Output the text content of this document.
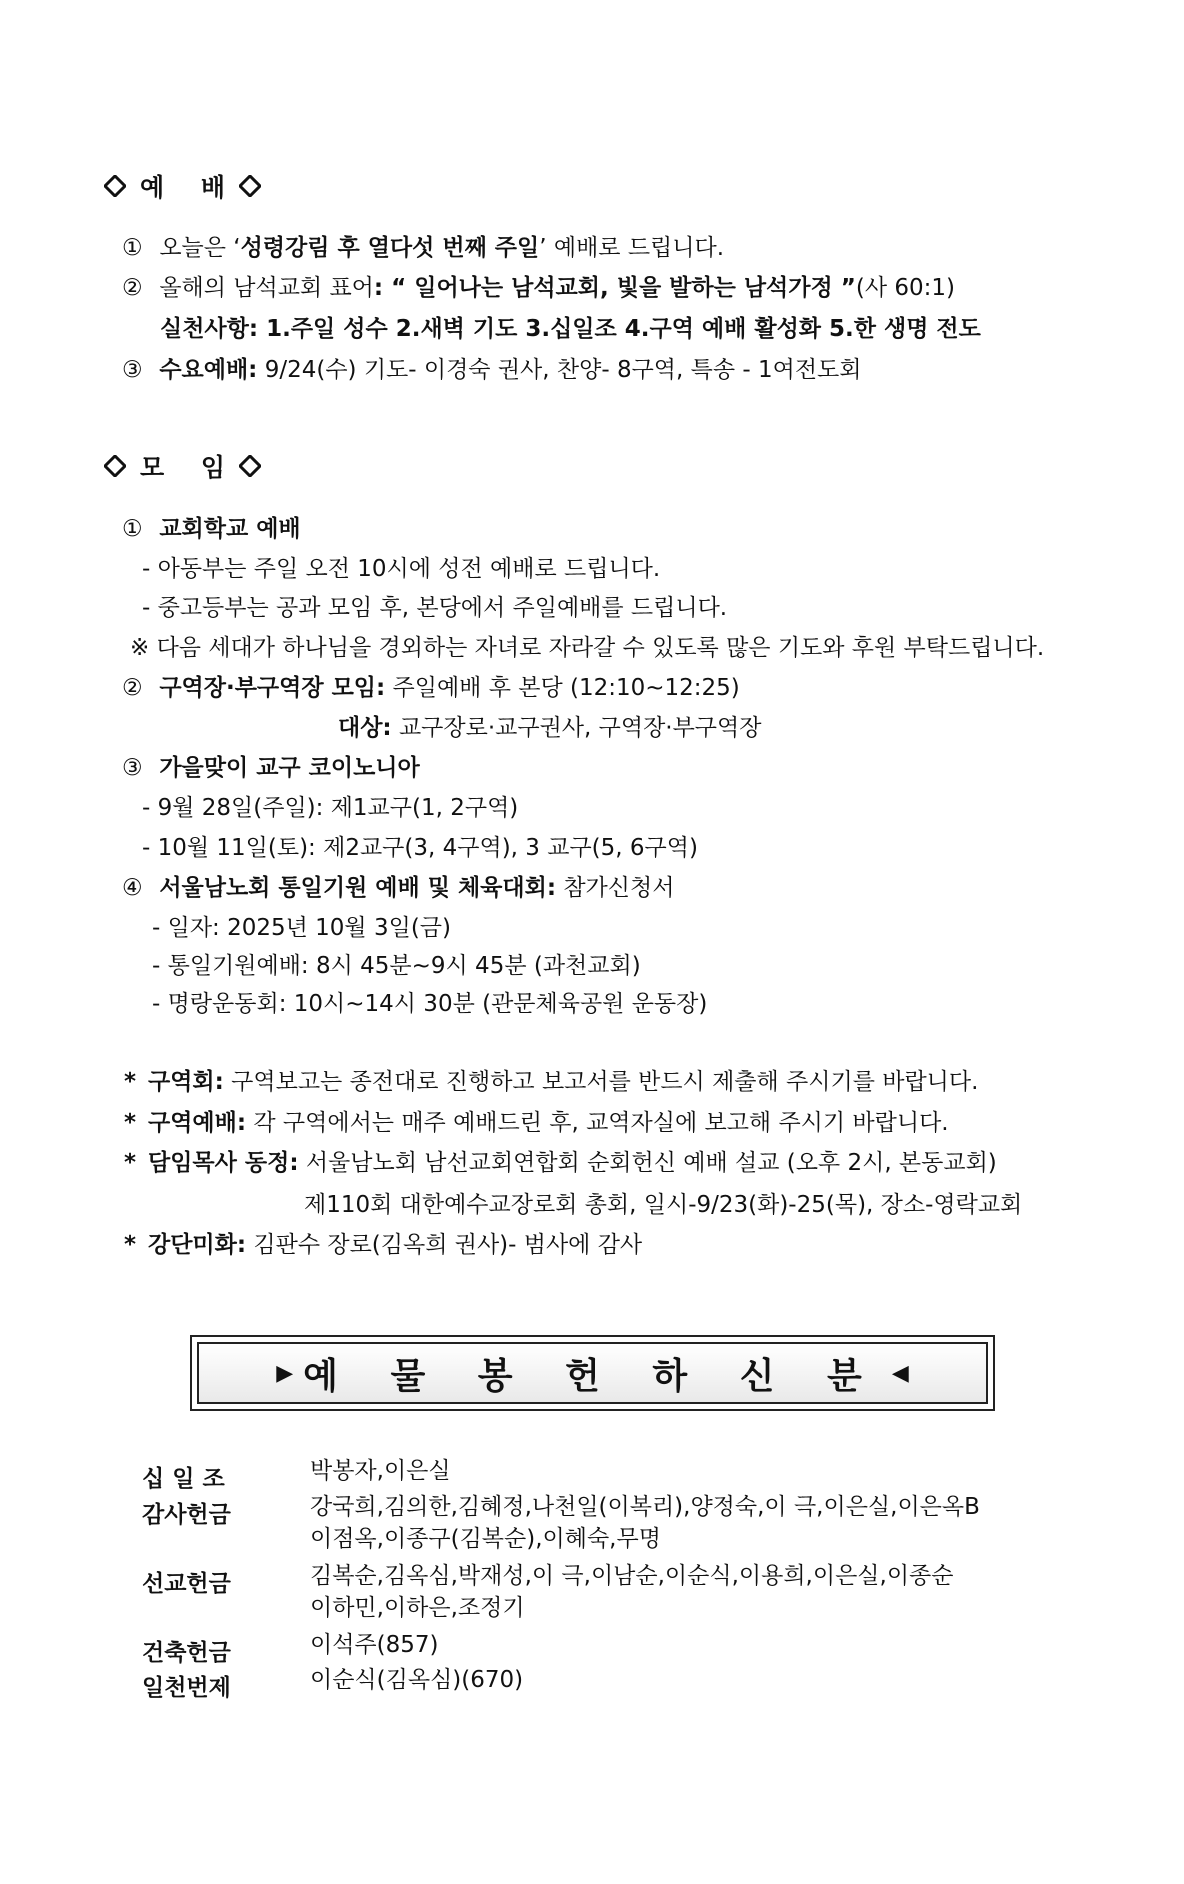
예 배
① 오늘은 ‘성령강림 후 열다섯 번째 주일’ 예배로 드립니다.
② 올해의 남석교회 표어: “ 일어나는 남석교회, 빛을 발하는 남석가정 ”(사 60:1)
실천사항: 1.주일 성수 2.새벽 기도 3.십일조 4.구역 예배 활성화 5.한 생명 전도
③ 수요예배: 9/24(수) 기도- 이경숙 권사, 찬양- 8구역, 특송 - 1여전도회
모 임
① 교회학교 예배
- 아동부는 주일 오전 10시에 성전 예배로 드립니다.
- 중고등부는 공과 모임 후, 본당에서 주일예배를 드립니다.
※ 다음 세대가 하나님을 경외하는 자녀로 자라갈 수 있도록 많은 기도와 후원 부탁드립니다.
② 구역장·부구역장 모임: 주일예배 후 본당 (12:10~12:25)
대상: 교구장로·교구권사, 구역장·부구역장
③ 가을맞이 교구 코이노니아
- 9월 28일(주일): 제1교구(1, 2구역)
- 10월 11일(토): 제2교구(3, 4구역), 3 교구(5, 6구역)
④ 서울남노회 통일기원 예배 및 체육대회: 참가신청서
- 일자: 2025년 10월 3일(금)
- 통일기원예배: 8시 45분~9시 45분 (과천교회)
- 명랑운동회: 10시~14시 30분 (관문체육공원 운동장)
* 구역회: 구역보고는 종전대로 진행하고 보고서를 반드시 제출해 주시기를 바랍니다.
* 구역예배: 각 구역에서는 매주 예배드린 후, 교역자실에 보고해 주시기 바랍니다.
* 담임목사 동정: 서울남노회 남선교회연합회 순회헌신 예배 설교 (오후 2시, 본동교회)
제110회 대한예수교장로회 총회, 일시-9/23(화)-25(목), 장소-영락교회
* 강단미화: 김판수 장로(김옥희 권사)- 범사에 감사
▶ 예 물 봉 헌 하 신 분 ◀
십 일 조	박봉자,이은실
감사헌금	강국희,김의한,김혜정,나천일(이복리),양정숙,이 극,이은실,이은옥B
이점옥,이종구(김복순),이혜숙,무명
선교헌금	김복순,김옥심,박재성,이 극,이남순,이순식,이용희,이은실,이종순
이하민,이하은,조정기
건축헌금	이석주(857)
일천번제	이순식(김옥심)(670)
